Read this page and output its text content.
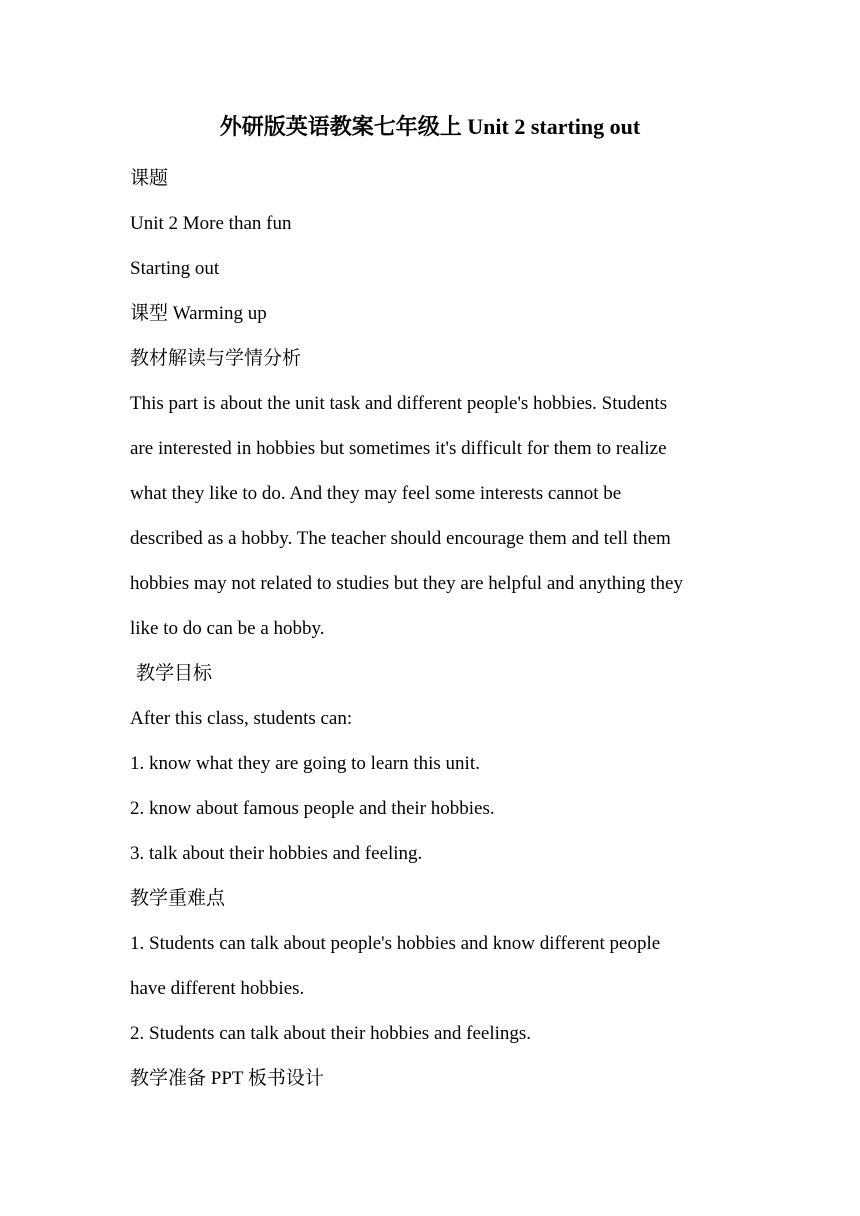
外研版英语教案七年级上 Unit 2 starting out
课题
Unit 2 More than fun
Starting out
课型 Warming up
教材解读与学情分析
This part is about the unit task and different people's hobbies. Students
are interested in hobbies but sometimes it's difficult for them to realize
what they like to do. And they may feel some interests cannot be
described as a hobby. The teacher should encourage them and tell them
hobbies may not related to studies but they are helpful and anything they
like to do can be a hobby.
教学目标
After this class, students can:
1. know what they are going to learn this unit.
2. know about famous people and their hobbies.
3. talk about their hobbies and feeling.
教学重难点
1. Students can talk about people's hobbies and know different people
have different hobbies.
2. Students can talk about their hobbies and feelings.
教学准备 PPT 板书设计
